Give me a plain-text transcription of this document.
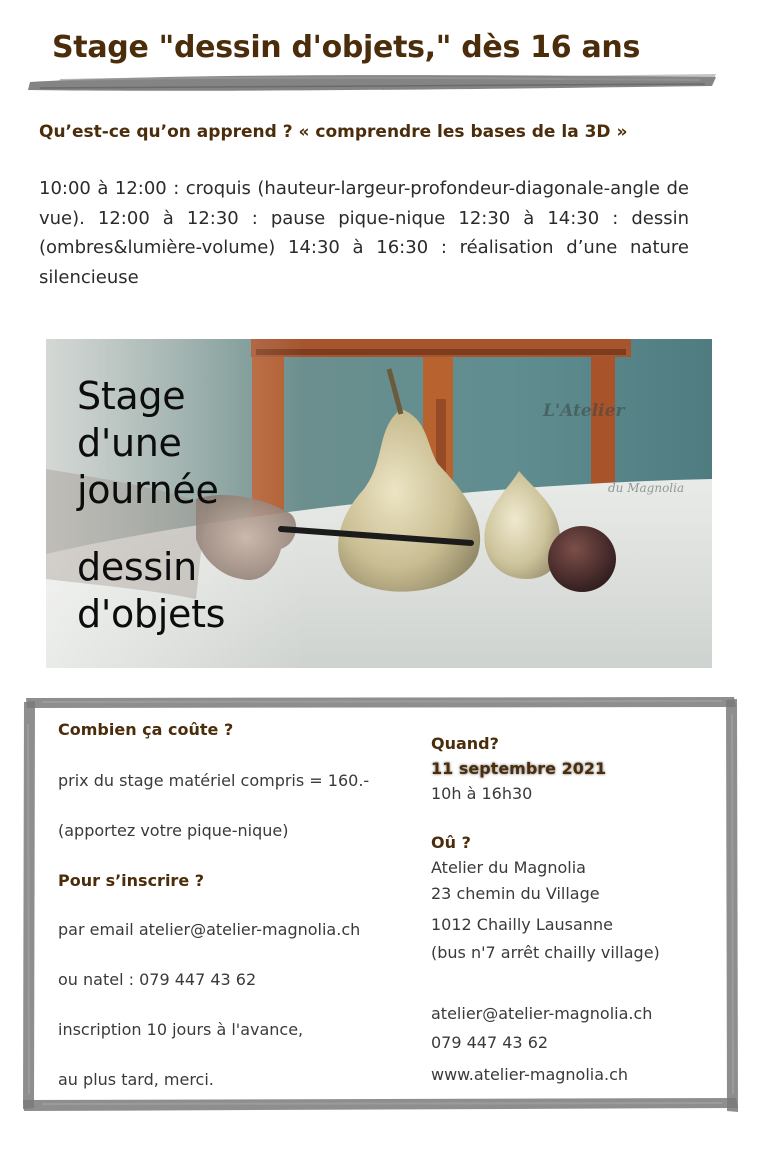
Stage "dessin d'objets," dès 16 ans

Qu’est-ce qu’on apprend ? « comprendre les bases de la 3D »

10:00 à 12:00 : croquis (hauteur-largeur-profondeur-diagonale-angle de vue). 12:00 à 12:30 : pause pique-nique 12:30 à 14:30 : dessin (ombres&lumière-volume) 14:30 à 16:30 : réalisation d’une nature silencieuse

Stage
d'une
journée
dessin
d'objets
L'Atelier
du Magnolia

Combien ça coûte ?

prix du stage matériel compris = 160.-

(apportez votre pique-nique)

Pour s’inscrire ?

par email atelier@atelier-magnolia.ch

ou natel : 079 447 43 62

inscription 10 jours à l'avance,

au plus tard, merci.

Quand?

11 septembre 2021

10h à 16h30

Oû ?

Atelier du Magnolia

23 chemin du Village

1012 Chailly Lausanne

(bus n'7 arrêt chailly village)

atelier@atelier-magnolia.ch

079 447 43 62

www.atelier-magnolia.ch
